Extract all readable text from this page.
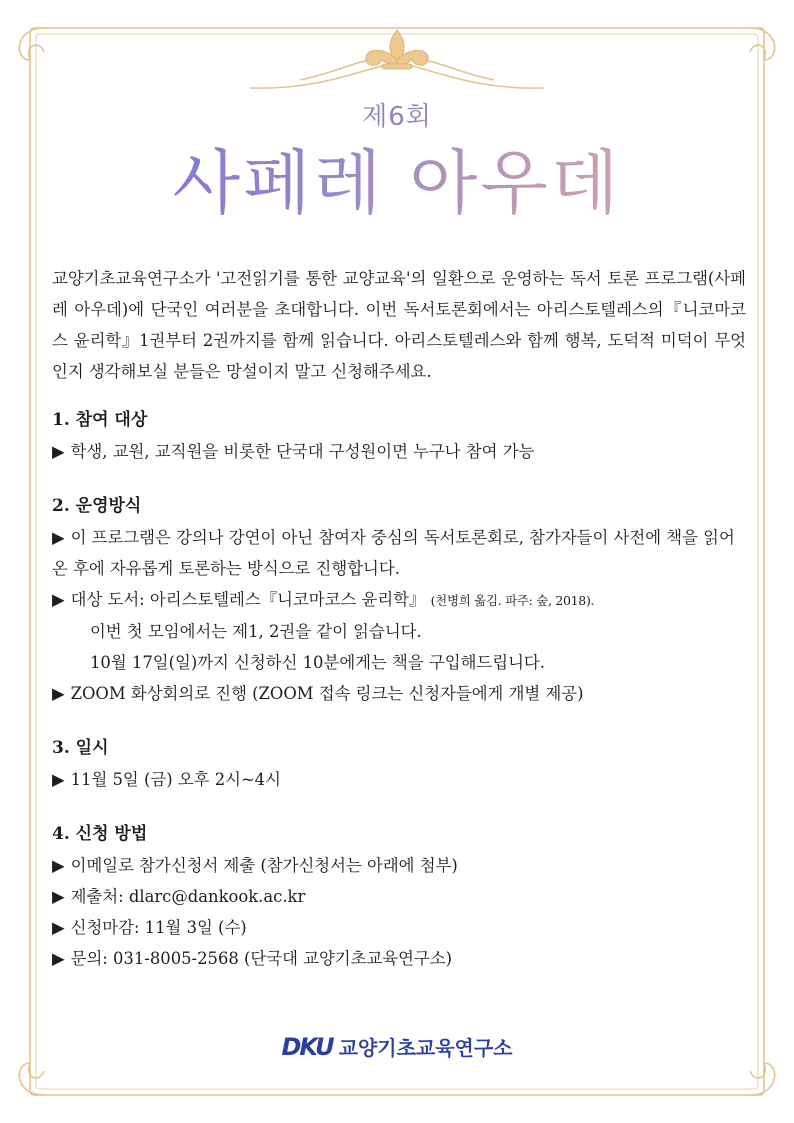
제6회
사페레 아우데

교양기초교육연구소가 '고전읽기를 통한 교양교육'의 일환으로 운영하는 독서 토론 프로그램(사페레 아우데)에 단국인 여러분을 초대합니다. 이번 독서토론회에서는 아리스토텔레스의『니코마코스 윤리학』1권부터 2권까지를 함께 읽습니다. 아리스토텔레스와 함께 행복, 도덕적 미덕이 무엇인지 생각해보실 분들은 망설이지 말고 신청해주세요.

1. 참여 대상
▶ 학생, 교원, 교직원을 비롯한 단국대 구성원이면 누구나 참여 가능
2. 운영방식
▶ 이 프로그램은 강의나 강연이 아닌 참여자 중심의 독서토론회로, 참가자들이 사전에 책을 읽어온 후에 자유롭게 토론하는 방식으로 진행합니다.
▶ 대상 도서: 아리스토텔레스『니코마코스 윤리학』 (천병희 옮김. 파주: 숲, 2018).
이번 첫 모임에서는 제1, 2권을 같이 읽습니다.
10월 17일(일)까지 신청하신 10분에게는 책을 구입해드립니다.
▶ ZOOM 화상회의로 진행 (ZOOM 접속 링크는 신청자들에게 개별 제공)
3. 일시
▶ 11월 5일 (금) 오후 2시~4시
4. 신청 방법
▶ 이메일로 참가신청서 제출 (참가신청서는 아래에 첨부)
▶ 제출처: dlarc@dankook.ac.kr
▶ 신청마감: 11월 3일 (수)
▶ 문의: 031-8005-2568 (단국대 교양기초교육연구소)
DKU 교양기초교육연구소
